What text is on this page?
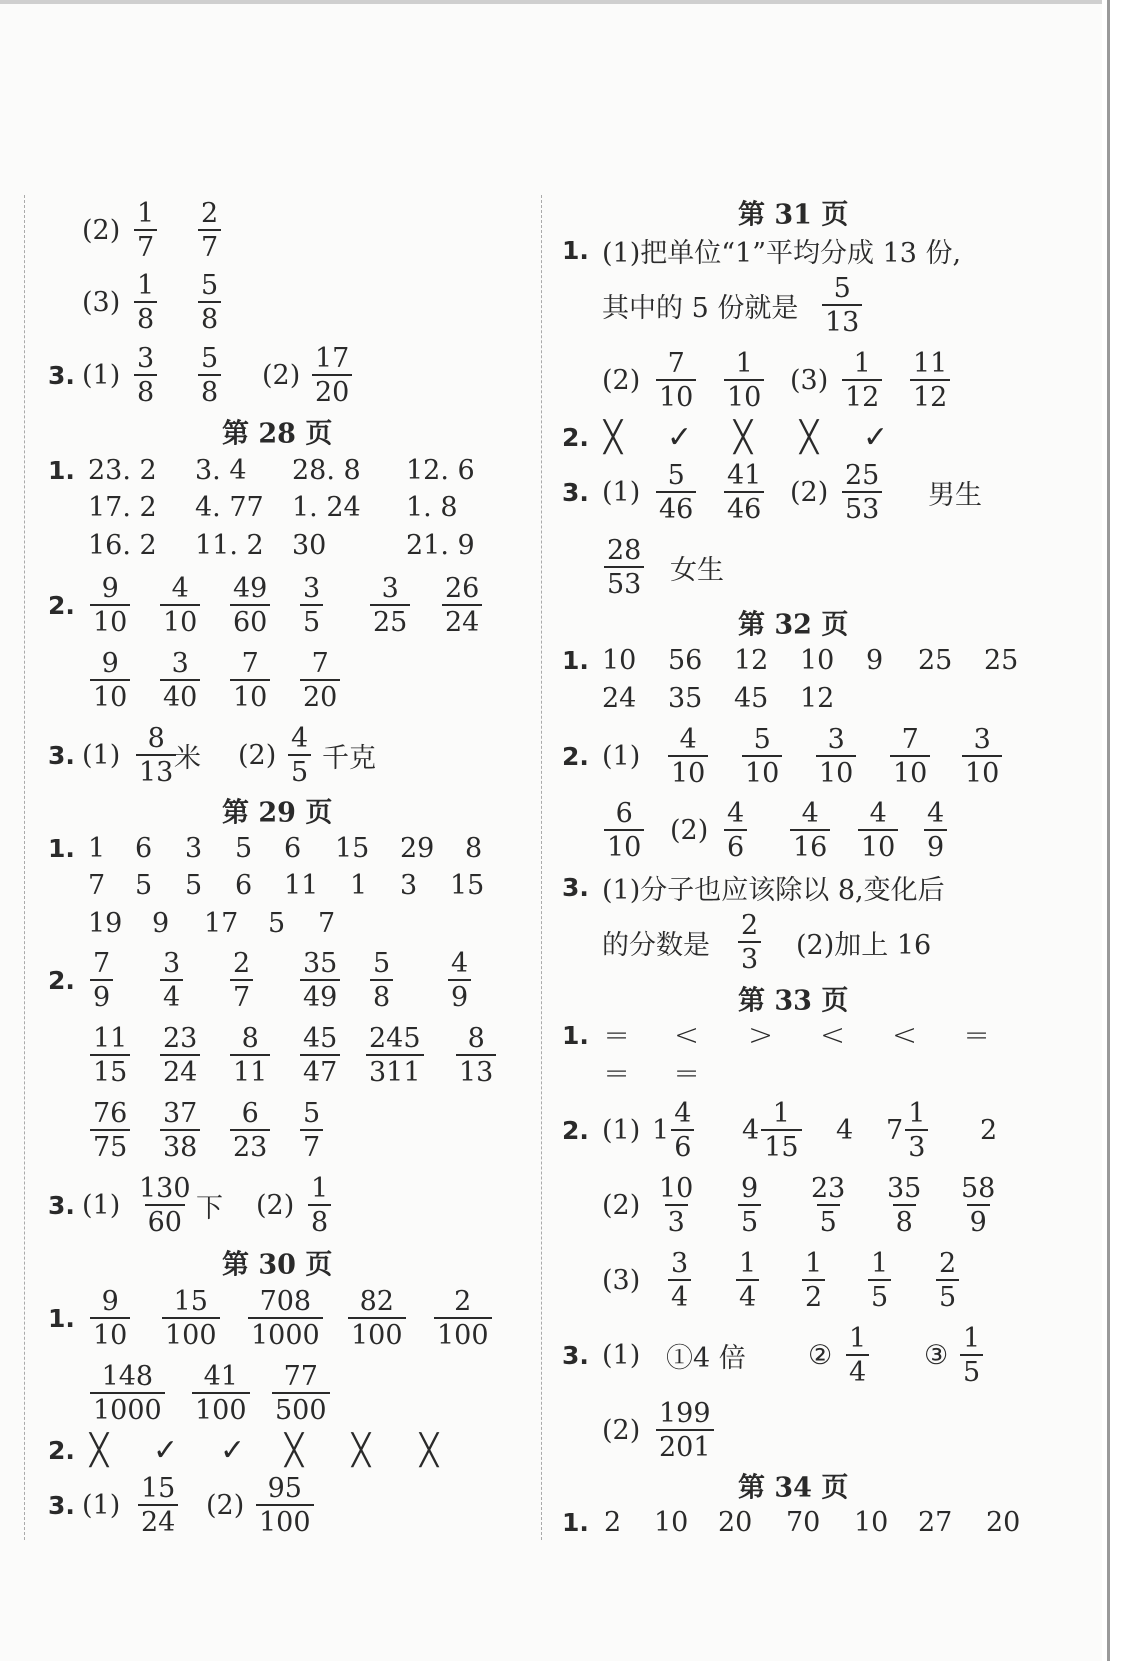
$(2) \frac{1}{7} \frac{2}{7}$
$(3) \frac{1}{8} \frac{5}{8}$
3. $(1) \frac{3}{8} \frac{5}{8} (2) \frac{17}{20}$
第 28 页
1. 23. 2 3. 4 28. 8 12. 6
17. 2 4. 77 1. 24 1. 8
16. 2 11. 2 30	21. 9
2. $\frac{9}{10} \frac{4}{10} \frac{49}{60} \frac{3}{5} \frac{3}{25} \frac{26}{24}$
$\frac{9}{10} \frac{3}{40} \frac{7}{10} \frac{7}{20}$
3. $(1) \frac{8}{13}$
米 $(2) \frac{4}{5}$ 千克
第 29 页
1. 1 6 3 5 6 15 29 8
7 5 5 6 11 1 3 15
19 9 17 5 7
2. $\frac{7}{9} \frac{3}{4} \frac{2}{7} \frac{35}{49} \frac{5}{8} \frac{4}{9}$
$\frac{11}{15} \frac{23}{24} \frac{8}{11} \frac{45}{47} \frac{245}{311} \frac{8}{13}$
$\frac{76}{75} \frac{37}{38} \frac{6}{23} \frac{5}{7}$
3. $(1) \frac{130}{60}$ 下 $(2) \frac{1}{8}$
第 30 页
1. $\frac{9}{10} \frac{15}{100} \frac{708}{1000} \frac{82}{100} \frac{2}{100}$
$\frac{148}{1000} \frac{41}{100} \frac{77}{500}$
2. ╳ ✓ ✓ ╳ ╳ ╳
3. $(1) \frac{15}{24} (2) \frac{95}{100}$
第 31 页
1. (1)把单位“1”平均分成 13 份,
其中的 5 份就是 $\frac{5}{13}$
$(2) \frac{7}{10} \frac{1}{10} (3) \frac{1}{12} \frac{11}{12}$
2. ╳ ✓ ╳ ╳ ✓
3. $(1) \frac{5}{46} \frac{41}{46} (2) \frac{25}{53}$ 男生
$\frac{28}{53}$ 女生
第 32 页
1. 10 56 12 10 9 25 25
24 35 45 12
2. $(1) \frac{4}{10} \frac{5}{10} \frac{3}{10} \frac{7}{10} \frac{3}{10}$
$\frac{6}{10} (2) \frac{4}{6} \frac{4}{16} \frac{4}{10} \frac{4}{9}$
3. (1)分子也应该除以 8,变化后
的分数是 $\frac{2}{3} (2)$加上 16
第 33 页
1. = < > < < =
= =
2. (1) $1 \frac{4}{6} 4 \frac{1}{15} 4$ $7 \frac{1}{3} 2$
$(2) \frac{10}{3} \frac{9}{5} \frac{23}{5} \frac{35}{8} \frac{58}{9}$
$(3) \frac{3}{4} \frac{1}{4} \frac{1}{2} \frac{1}{5} \frac{2}{5}$
3. (1) ①4 倍 ② $\frac{1}{4}$ ③ $\frac{1}{5}$
$(2) \frac{199}{201}$
第 34 页
1. 2 10 20 70 10 27 20
